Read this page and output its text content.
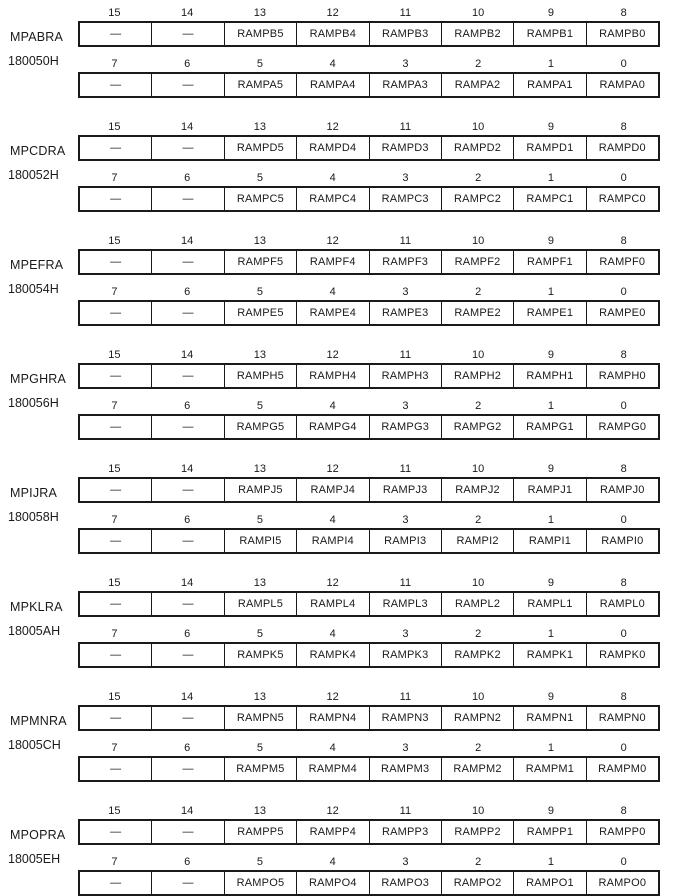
MPABRA
180050H
15	14	13	12	11	10	9	8
—	—	RAMPB5	RAMPB4	RAMPB3	RAMPB2	RAMPB1	RAMPB0
7	6	5	4	3	2	1	0
—	—	RAMPA5	RAMPA4	RAMPA3	RAMPA2	RAMPA1	RAMPA0
MPCDRA
180052H
15	14	13	12	11	10	9	8
—	—	RAMPD5	RAMPD4	RAMPD3	RAMPD2	RAMPD1	RAMPD0
7	6	5	4	3	2	1	0
—	—	RAMPC5	RAMPC4	RAMPC3	RAMPC2	RAMPC1	RAMPC0
MPEFRA
180054H
15	14	13	12	11	10	9	8
—	—	RAMPF5	RAMPF4	RAMPF3	RAMPF2	RAMPF1	RAMPF0
7	6	5	4	3	2	1	0
—	—	RAMPE5	RAMPE4	RAMPE3	RAMPE2	RAMPE1	RAMPE0
MPGHRA
180056H
15	14	13	12	11	10	9	8
—	—	RAMPH5	RAMPH4	RAMPH3	RAMPH2	RAMPH1	RAMPH0
7	6	5	4	3	2	1	0
—	—	RAMPG5	RAMPG4	RAMPG3	RAMPG2	RAMPG1	RAMPG0
MPIJRA
180058H
15	14	13	12	11	10	9	8
—	—	RAMPJ5	RAMPJ4	RAMPJ3	RAMPJ2	RAMPJ1	RAMPJ0
7	6	5	4	3	2	1	0
—	—	RAMPI5	RAMPI4	RAMPI3	RAMPI2	RAMPI1	RAMPI0
MPKLRA
18005AH
15	14	13	12	11	10	9	8
—	—	RAMPL5	RAMPL4	RAMPL3	RAMPL2	RAMPL1	RAMPL0
7	6	5	4	3	2	1	0
—	—	RAMPK5	RAMPK4	RAMPK3	RAMPK2	RAMPK1	RAMPK0
MPMNRA
18005CH
15	14	13	12	11	10	9	8
—	—	RAMPN5	RAMPN4	RAMPN3	RAMPN2	RAMPN1	RAMPN0
7	6	5	4	3	2	1	0
—	—	RAMPM5	RAMPM4	RAMPM3	RAMPM2	RAMPM1	RAMPM0
MPOPRA
18005EH
15	14	13	12	11	10	9	8
—	—	RAMPP5	RAMPP4	RAMPP3	RAMPP2	RAMPP1	RAMPP0
7	6	5	4	3	2	1	0
—	—	RAMPO5	RAMPO4	RAMPO3	RAMPO2	RAMPO1	RAMPO0
